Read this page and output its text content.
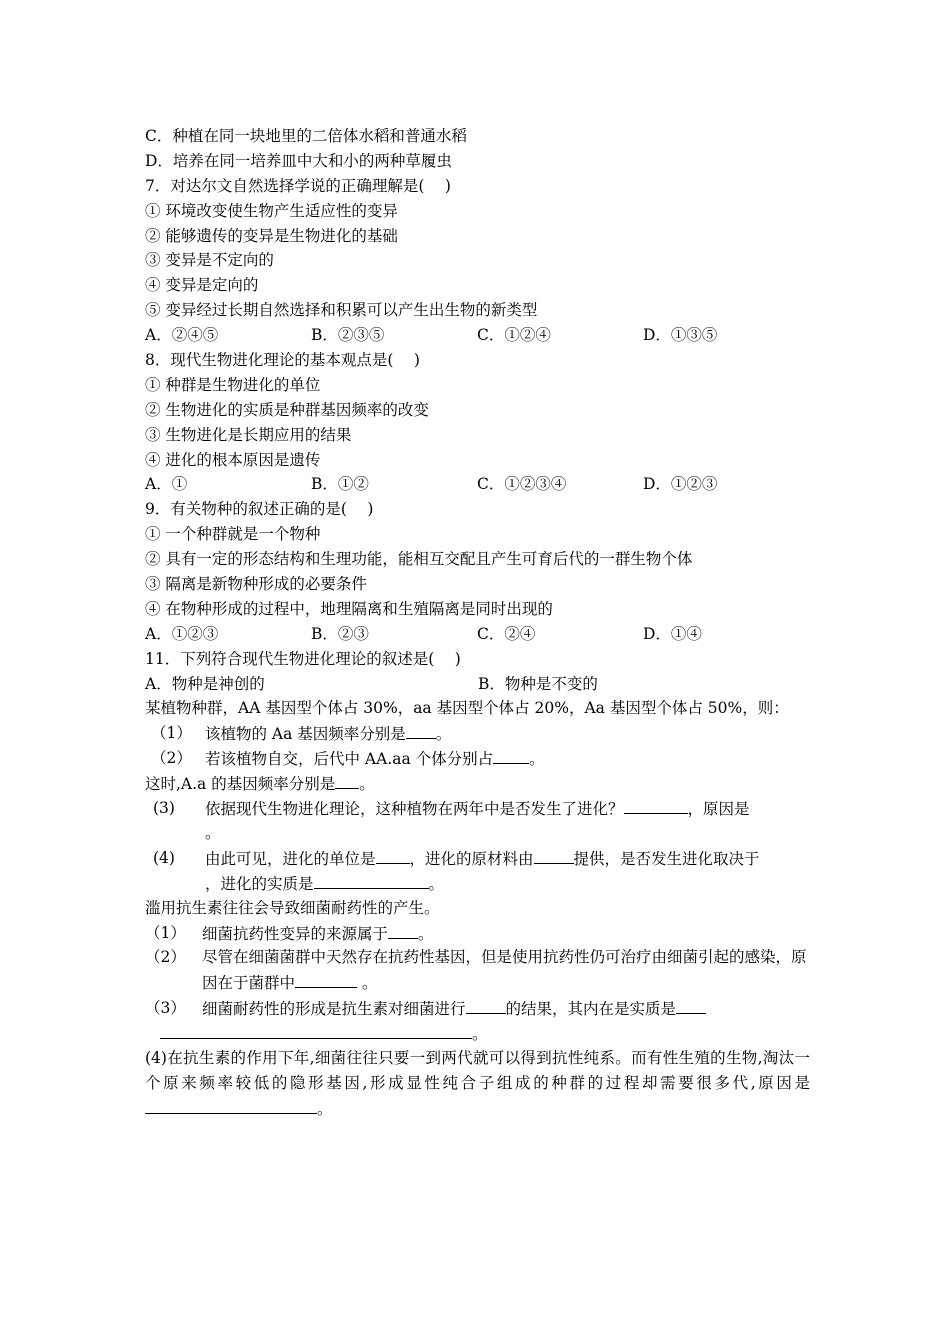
C．种植在同一块地里的二倍体水稻和普通水稻
D．培养在同一培养皿中大和小的两种草履虫
7．对达尔文自然选择学说的正确理解是(　 )
① 环境改变使生物产生适应性的变异
② 能够遗传的变异是生物进化的基础
③ 变异是不定向的
④ 变异是定向的
⑤ 变异经过长期自然选择和积累可以产生出生物的新类型
A．②④⑤	B．②③⑤	C．①②④	D．①③⑤
8．现代生物进化理论的基本观点是(　 )
① 种群是生物进化的单位
② 生物进化的实质是种群基因频率的改变
③ 生物进化是长期应用的结果
④ 进化的根本原因是遗传
A．①	B．①②	C．①②③④	D．①②③
9．有关物种的叙述正确的是(　 )
① 一个种群就是一个物种
② 具有一定的形态结构和生理功能，能相互交配且产生可育后代的一群生物个体
③ 隔离是新物种形成的必要条件
④ 在物种形成的过程中，地理隔离和生殖隔离是同时出现的
A．①②③	B．②③	C．②④	D．①④
11．下列符合现代生物进化理论的叙述是(　 )
A．物种是神创的	B．物种是不变的
某植物种群，AA 基因型个体占 30%，aa 基因型个体占 20%，Aa 基因型个体占 50%，则：
（1） 该植物的 Aa 基因频率分别是 。
（2） 若该植物自交，后代中 AA.aa 个体分别占 。
这时,A.a 的基因频率分别是 。
(3) 依据现代生物进化理论，这种植物在两年中是否发生了进化？	，原因是
。
(4) 由此可见，进化的单位是 ，进化的原材料由	提供，是否发生进化取决于
，进化的实质是	。
滥用抗生素往往会导致细菌耐药性的产生。
（1） 细菌抗药性变异的来源属于 。
（2） 尽管在细菌菌群中天然存在抗药性基因，但是使用抗药性仍可治疗由细菌引起的感染，原因在于菌群中	。
（3） 细菌耐药性的形成是抗生素对细菌进行	的结果，其内在是实质是
。
(4)在抗生素的作用下年,细菌往往只要一到两代就可以得到抗性纯系。而有性生殖的生物,淘汰一个原来频率较低的隐形基因,形成显性纯合子组成的种群的过程却需要很多代,原因是。
